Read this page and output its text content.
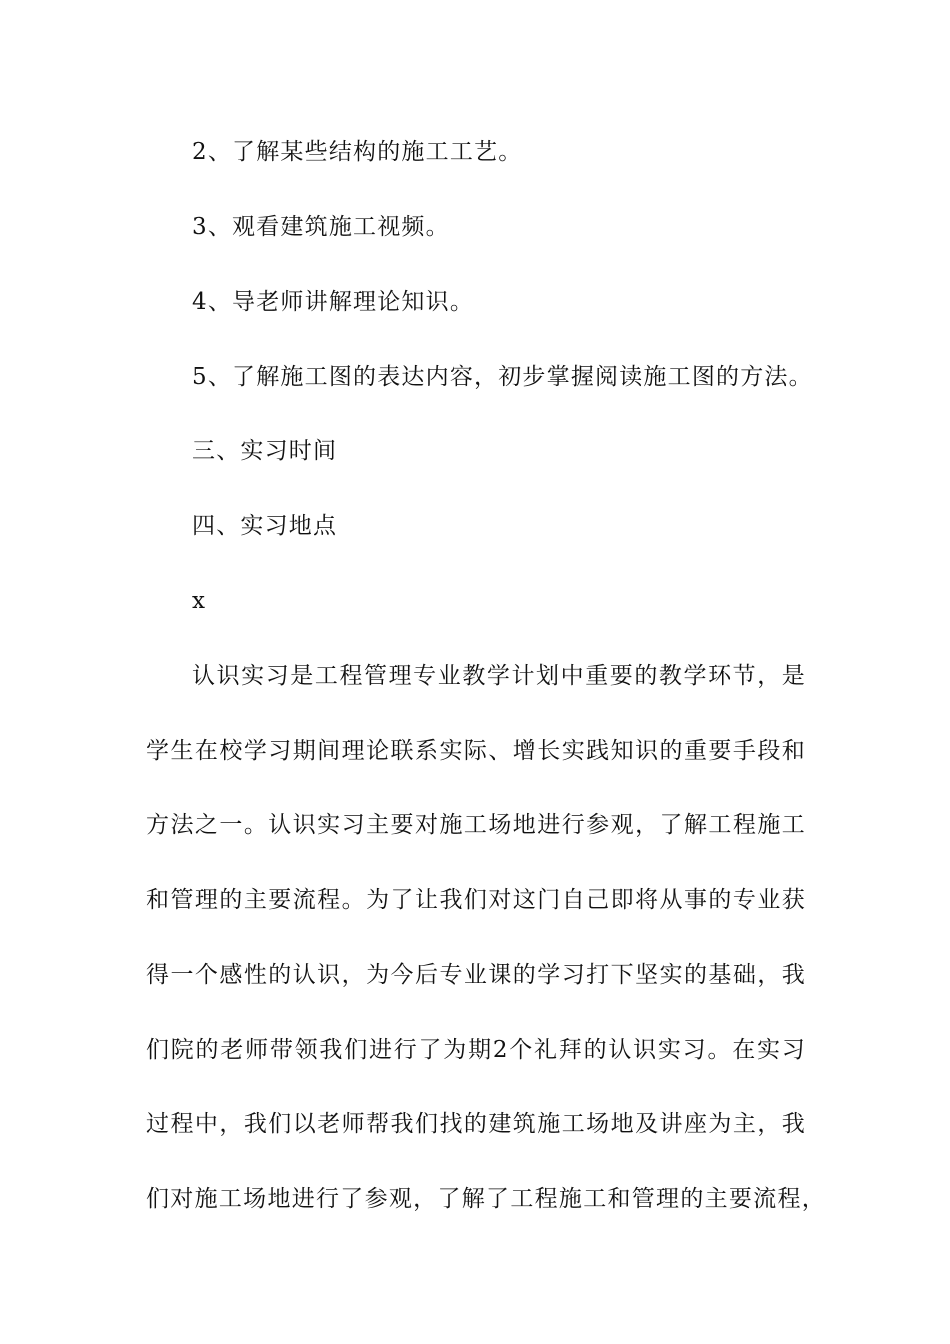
2、了解某些结构的施工工艺。
3、观看建筑施工视频。
4、导老师讲解理论知识。
5、了解施工图的表达内容，初步掌握阅读施工图的方法。
三、实习时间
四、实习地点
x
认识实习是工程管理专业教学计划中重要的教学环节，是
学生在校学习期间理论联系实际、增长实践知识的重要手段和
方法之一。认识实习主要对施工场地进行参观，了解工程施工
和管理的主要流程。为了让我们对这门自己即将从事的专业获
得一个感性的认识，为今后专业课的学习打下坚实的基础，我
们院的老师带领我们进行了为期2个礼拜的认识实习。在实习
过程中，我们以老师帮我们找的建筑施工场地及讲座为主，我
们对施工场地进行了参观，了解了工程施工和管理的主要流程，
